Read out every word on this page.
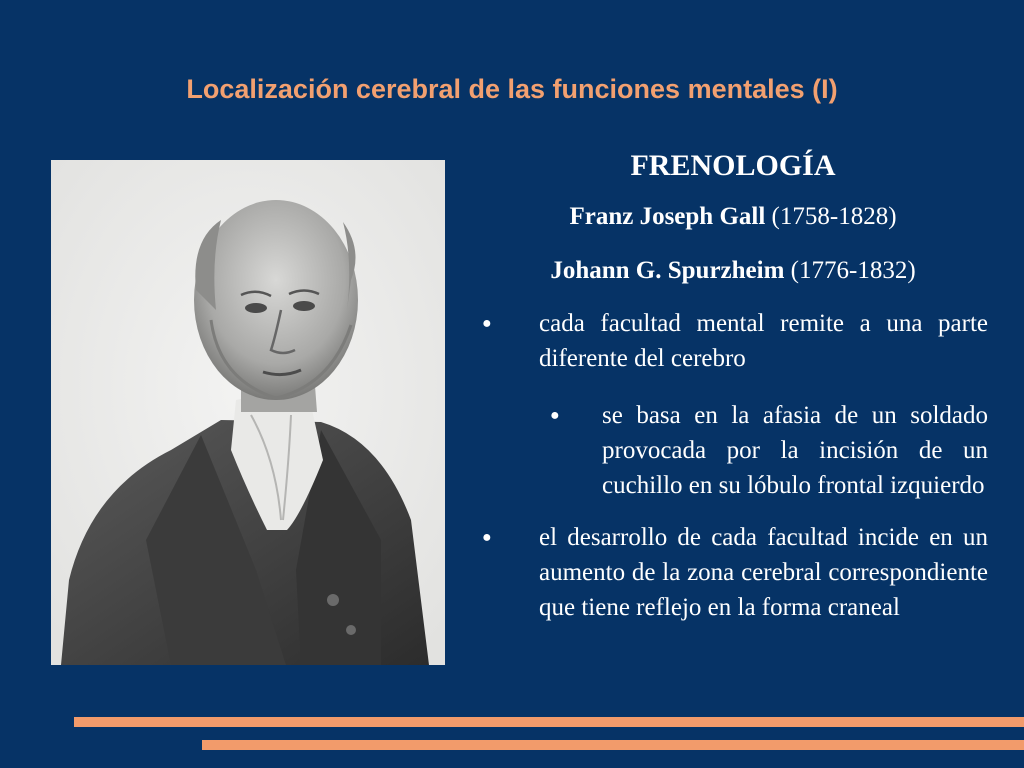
Localización cerebral de las funciones mentales (I)
FRENOLOGÍA
Franz Joseph Gall (1758-1828)
Johann G. Spurzheim (1776-1832)
● cada facultad mental remite a una parte diferente del cerebro
● se basa en la afasia de un soldado provocada por la incisión de un cuchillo en su lóbulo frontal izquierdo
● el desarrollo de cada facultad incide en un aumento de la zona cerebral correspondiente que tiene reflejo en la forma craneal
